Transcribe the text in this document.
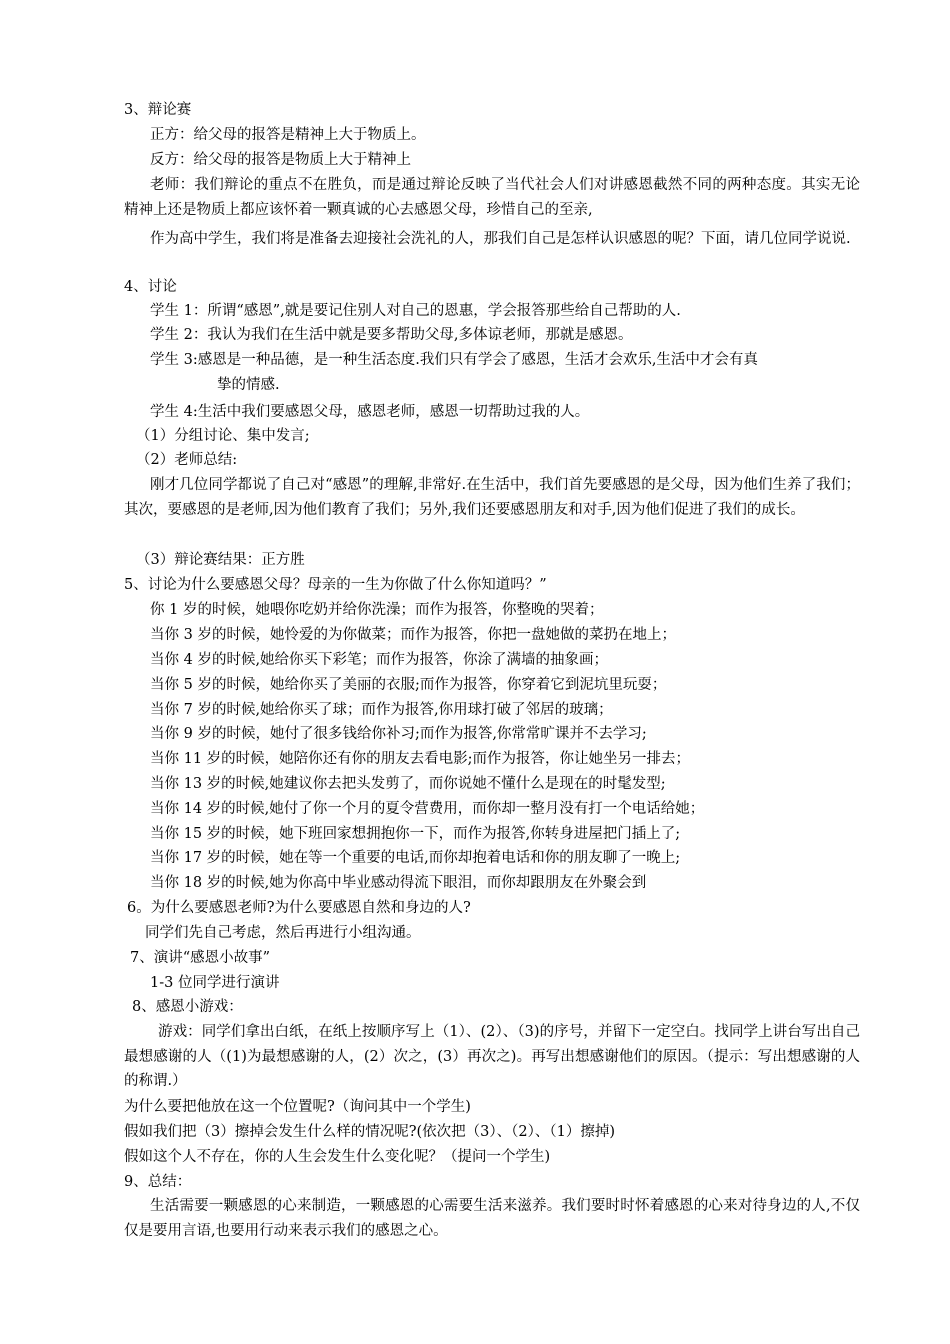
3、辩论赛
正方：给父母的报答是精神上大于物质上。
反方：给父母的报答是物质上大于精神上
老师：我们辩论的重点不在胜负，而是通过辩论反映了当代社会人们对讲感恩截然不同的两种态度。其实无论精神上还是物质上都应该怀着一颗真诚的心去感恩父母，珍惜自己的至亲,
作为高中学生，我们将是准备去迎接社会洗礼的人，那我们自己是怎样认识感恩的呢？下面，请几位同学说说.
4、讨论
学生 1：所谓“感恩”,就是要记住别人对自己的恩惠，学会报答那些给自己帮助的人.
学生 2：我认为我们在生活中就是要多帮助父母,多体谅老师，那就是感恩。
学生 3:感恩是一种品德，是一种生活态度.我们只有学会了感恩，生活才会欢乐,生活中才会有真
挚的情感.
学生 4:生活中我们要感恩父母，感恩老师，感恩一切帮助过我的人。
（1）分组讨论、集中发言;
（2）老师总结:
刚才几位同学都说了自己对“感恩”的理解,非常好.在生活中，我们首先要感恩的是父母，因为他们生养了我们；其次，要感恩的是老师,因为他们教育了我们；另外,我们还要感恩朋友和对手,因为他们促进了我们的成长。
（3）辩论赛结果：正方胜
5、讨论为什么要感恩父母？母亲的一生为你做了什么你知道吗？”
你 1 岁的时候，她喂你吃奶并给你洗澡；而作为报答，你整晚的哭着；
当你 3 岁的时候，她怜爱的为你做菜；而作为报答，你把一盘她做的菜扔在地上；
当你 4 岁的时候,她给你买下彩笔；而作为报答，你涂了满墙的抽象画；
当你 5 岁的时候，她给你买了美丽的衣服;而作为报答，你穿着它到泥坑里玩耍；
当你 7 岁的时候,她给你买了球；而作为报答,你用球打破了邻居的玻璃；
当你 9 岁的时候，她付了很多钱给你补习;而作为报答,你常常旷课并不去学习;
当你 11 岁的时候，她陪你还有你的朋友去看电影;而作为报答，你让她坐另一排去；
当你 13 岁的时候,她建议你去把头发剪了，而你说她不懂什么是现在的时髦发型;
当你 14 岁的时候,她付了你一个月的夏令营费用，而你却一整月没有打一个电话给她；
当你 15 岁的时候，她下班回家想拥抱你一下，而作为报答,你转身进屋把门插上了;
当你 17 岁的时候，她在等一个重要的电话,而你却抱着电话和你的朋友聊了一晚上;
当你 18 岁的时候,她为你高中毕业感动得流下眼泪，而你却跟朋友在外聚会到
6。为什么要感恩老师?为什么要感恩自然和身边的人?
同学们先自己考虑，然后再进行小组沟通。
7、演讲“感恩小故事”
1-3 位同学进行演讲
8、感恩小游戏：
游戏：同学们拿出白纸，在纸上按顺序写上（1）、(2）、（3)的序号，并留下一定空白。找同学上讲台写出自己最想感谢的人（(1)为最想感谢的人，(2）次之，(3）再次之)。再写出想感谢他们的原因。（提示：写出想感谢的人的称谓.）
为什么要把他放在这一个位置呢?（询问其中一个学生)
假如我们把（3）擦掉会发生什么样的情况呢?(依次把（3）、（2）、（1）擦掉)
假如这个人不存在，你的人生会发生什么变化呢？（提问一个学生)
9、总结：
生活需要一颗感恩的心来制造，一颗感恩的心需要生活来滋养。我们要时时怀着感恩的心来对待身边的人,不仅仅是要用言语,也要用行动来表示我们的感恩之心。
